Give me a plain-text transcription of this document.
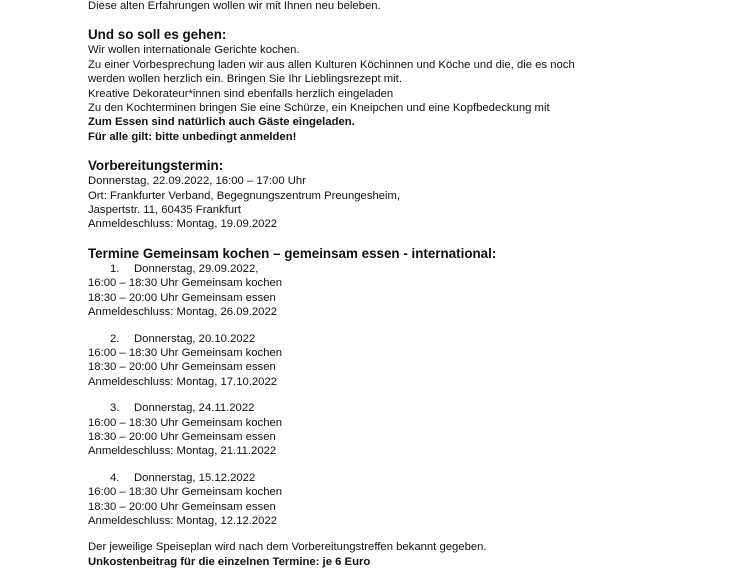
Diese alten Erfahrungen wollen wir mit Ihnen neu beleben.
Und so soll es gehen:
Wir wollen internationale Gerichte kochen.
Zu einer Vorbesprechung laden wir aus allen Kulturen Köchinnen und Köche und die, die es noch
werden wollen herzlich ein. Bringen Sie Ihr Lieblingsrezept mit.
Kreative Dekorateur*innen sind ebenfalls herzlich eingeladen
Zu den Kochterminen bringen Sie eine Schürze, ein Kneipchen und eine Kopfbedeckung mit
Zum Essen sind natürlich auch Gäste eingeladen.
Für alle gilt: bitte unbedingt anmelden!
Vorbereitungstermin:
Donnerstag, 22.09.2022, 16:00 – 17:00 Uhr
Ort: Frankfurter Verband, Begegnungszentrum Preungesheim,
Jaspertstr. 11, 60435 Frankfurt
Anmeldeschluss: Montag, 19.09.2022
Termine Gemeinsam kochen – gemeinsam essen - international:
1. Donnerstag, 29.09.2022,
16:00 – 18:30 Uhr Gemeinsam kochen
18:30 – 20:00 Uhr Gemeinsam essen
Anmeldeschluss: Montag, 26.09.2022
2. Donnerstag, 20.10.2022
16:00 – 18:30 Uhr Gemeinsam kochen
18:30 – 20:00 Uhr Gemeinsam essen
Anmeldeschluss: Montag, 17.10.2022
3. Donnerstag, 24.11.2022
16:00 – 18:30 Uhr Gemeinsam kochen
18:30 – 20:00 Uhr Gemeinsam essen
Anmeldeschluss: Montag, 21.11.2022
4. Donnerstag, 15.12.2022
16:00 – 18:30 Uhr Gemeinsam kochen
18:30 – 20:00 Uhr Gemeinsam essen
Anmeldeschluss: Montag, 12.12.2022
Der jeweilige Speiseplan wird nach dem Vorbereitungstreffen bekannt gegeben.
Unkostenbeitrag für die einzelnen Termine: je 6 Euro
